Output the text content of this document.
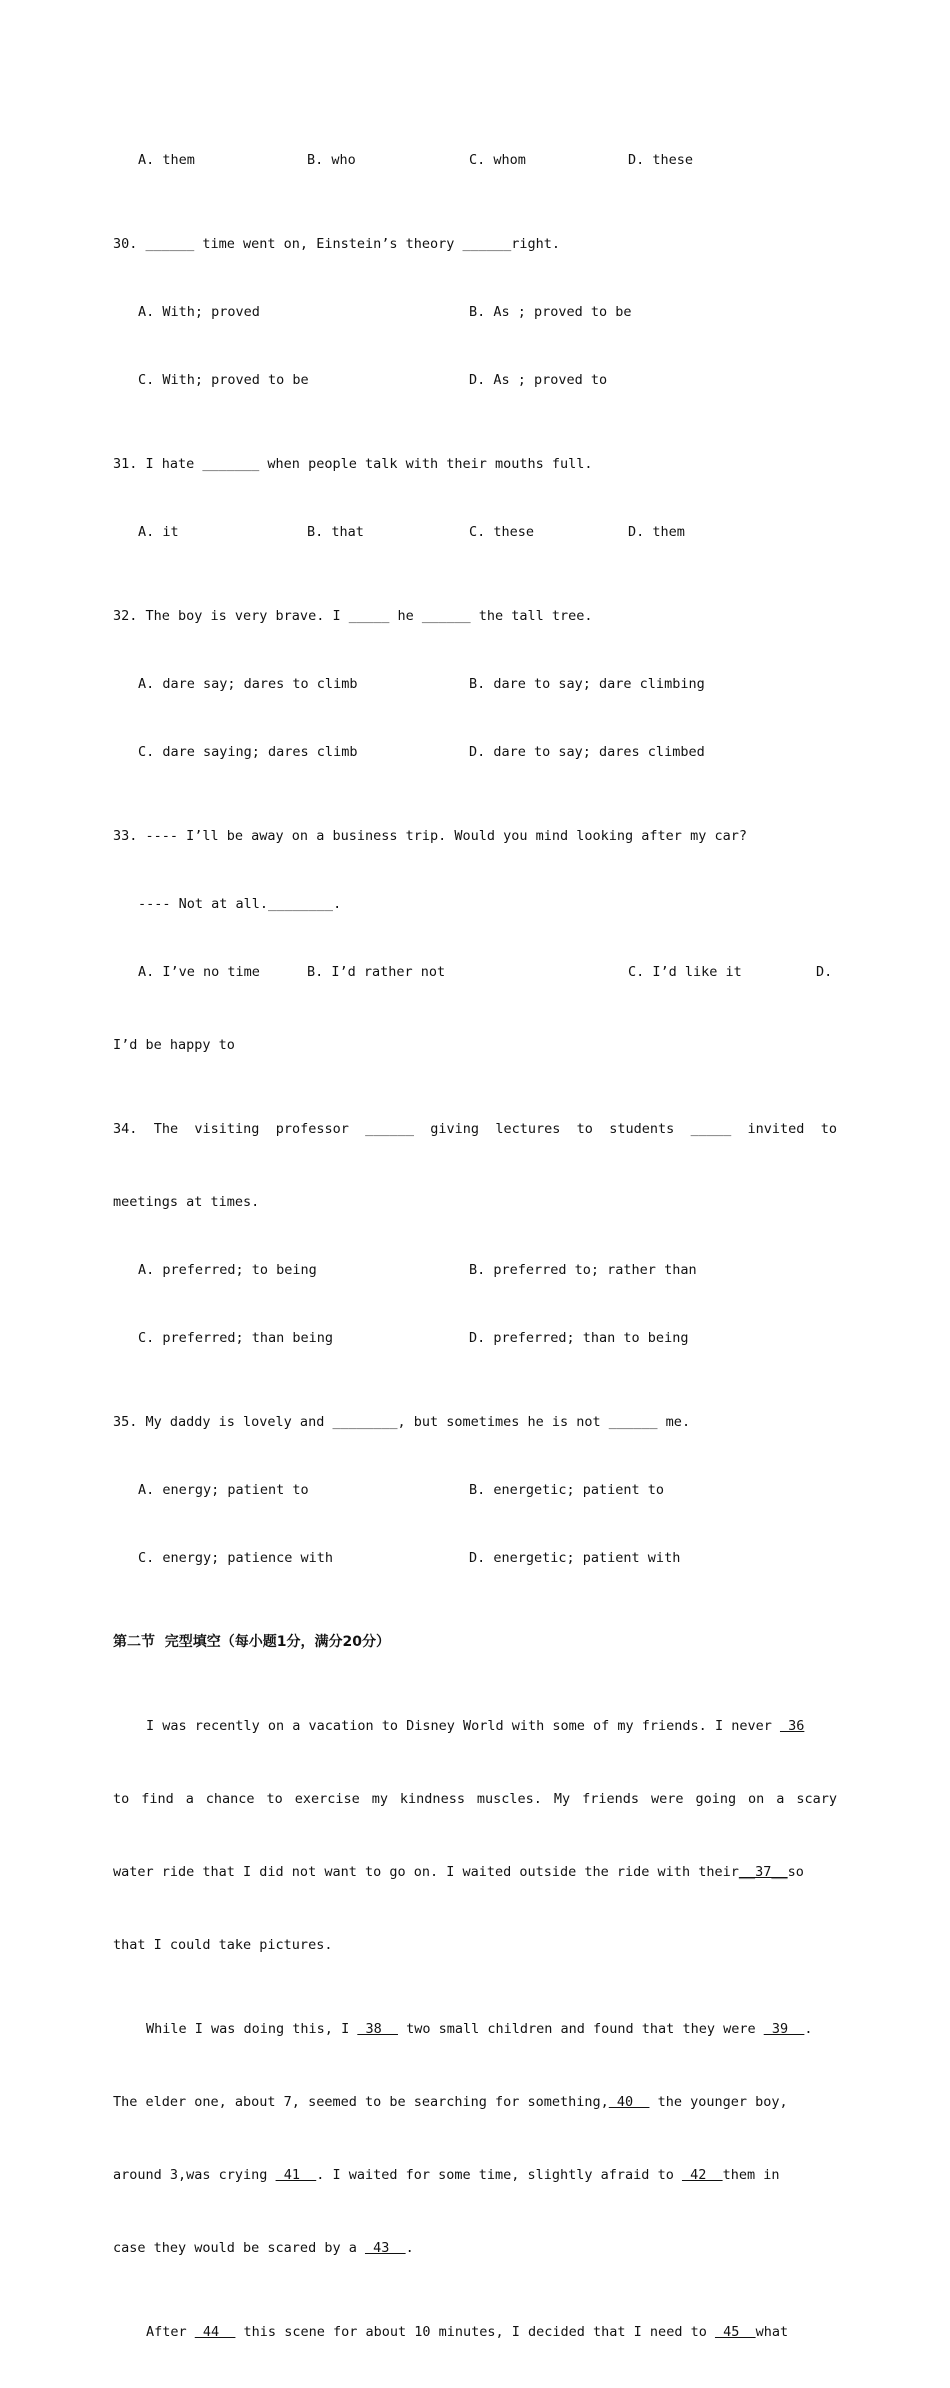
A. them

	B. who

	C. whom

	D. these

30. ______ time went on, Einstein’s theory ______right.

A. With; proved

	B. As ; proved to be

C. With; proved to be

	D. As ; proved to

31. I hate _______ when people talk with their mouths full.

A. it

	B. that

	C. these

	D. them

32. The boy is very brave. I _____ he ______ the tall tree.

A. dare say; dares to climb

	B. dare to say; dare climbing

C. dare saying; dares climb

	D. dare to say; dares climbed

33. ---- I’ll be away on a business trip. Would you mind looking after my car?

---- Not at all.________.

A. I’ve no time

	B. I’d rather not

	C. I’d like it

	D.

I’d be happy to

34. The visiting professor ______ giving lectures to students _____ invited to

meetings at times.

A. preferred; to being

	B. preferred to; rather than

C. preferred; than being

	D. preferred; than to being

35. My daddy is lovely and ________, but sometimes he is not ______ me.

A. energy; patient to

	B. energetic; patient to

C. energy; patience with

	D. energetic; patient with

第二节  完型填空（每小题1分，满分20分）

I was recently on a vacation to Disney World with some of my friends. I never  36

to find a chance to exercise my kindness muscles. My friends were going on a scary

water ride that I did not want to go on. I waited outside the ride with their__37__so

that I could take pictures.

While I was doing this, I  38   two small children and found that they were  39  .

The elder one, about 7, seemed to be searching for something, 40   the younger boy,

around 3,was crying  41  . I waited for some time, slightly afraid to  42  them in

case they would be scared by a  43  .

After  44   this scene for about 10 minutes, I decided that I need to  45  what
